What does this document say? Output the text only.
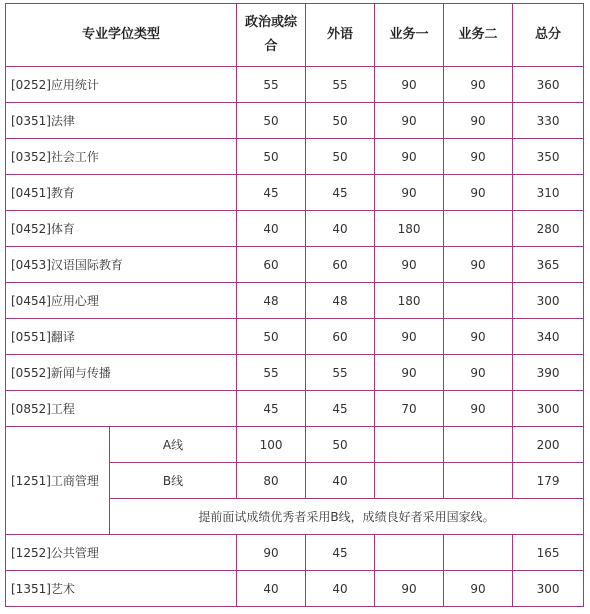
专业学位类型		政治或综合	外语	业务一	业务二	总分
[0252]应用统计		55	55	90	90	360
[0351]法律		50	50	90	90	330
[0352]社会工作		50	50	90	90	350
[0451]教育		45	45	90	90	310
[0452]体育		40	40	180		280
[0453]汉语国际教育		60	60	90	90	365
[0454]应用心理		48	48	180		300
[0551]翻译		50	60	90	90	340
[0552]新闻与传播		55	55	90	90	390
[0852]工程		45	45	70	90	300
[1251]工商管理	A线	100	50			200
	B线	80	40			179
	提前面试成绩优秀者采用B线，成绩良好者采用国家线。					
[1252]公共管理		90	45			165
[1351]艺术		40	40	90	90	300
